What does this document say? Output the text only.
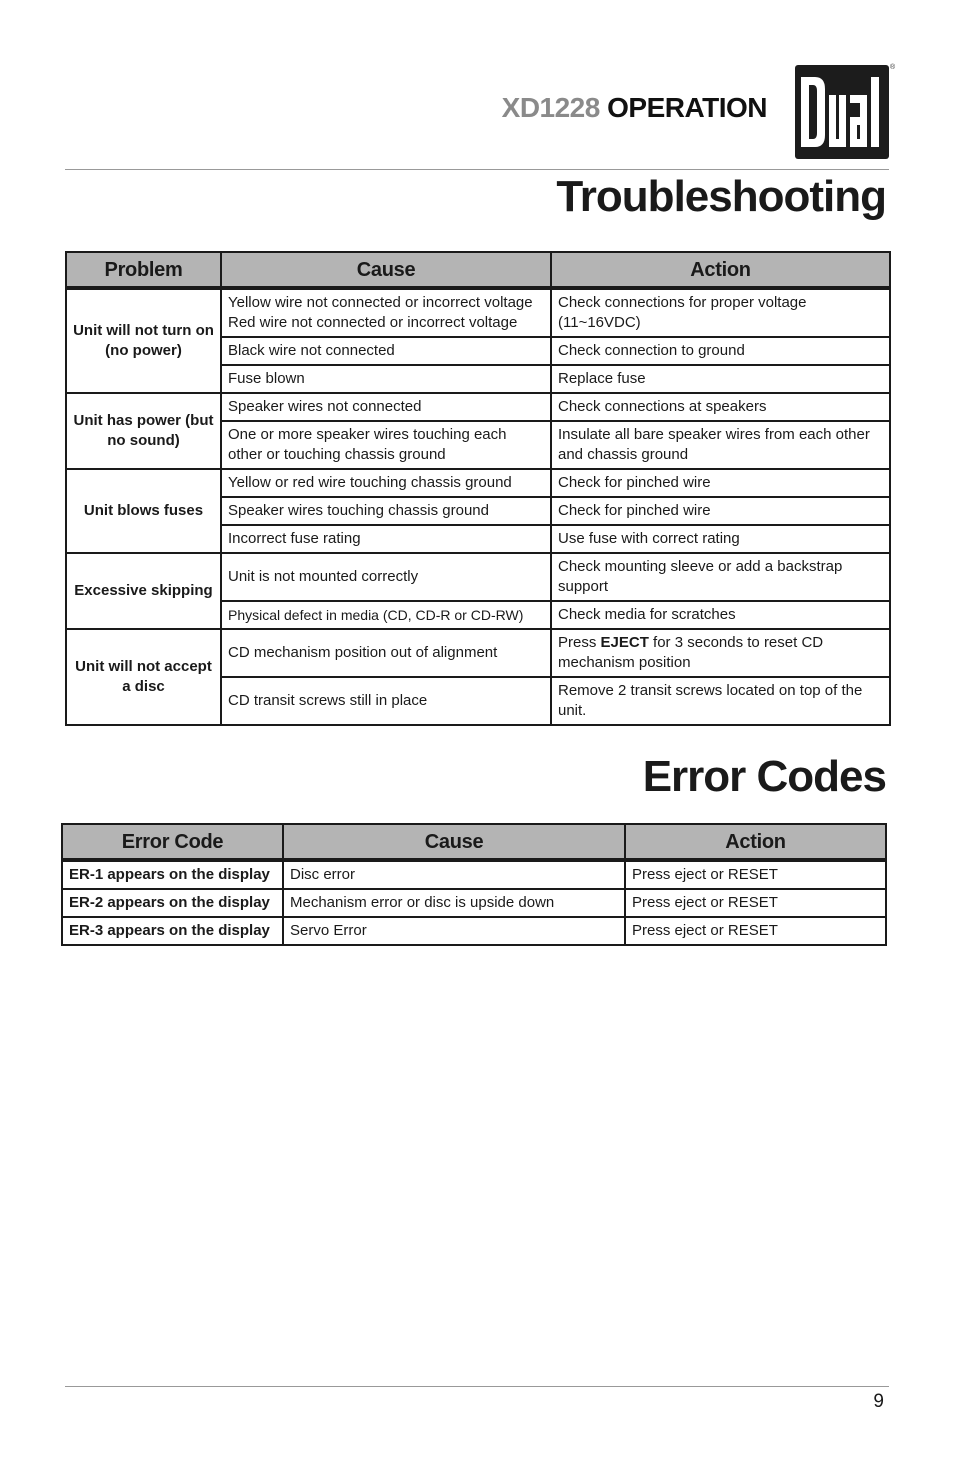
XD1228 OPERATION
®
Troubleshooting
Problem	Cause	Action
Unit will not turn on (no power)	Yellow wire not connected or incorrect voltage Red wire not connected or incorrect voltage	Check connections for proper voltage (11~16VDC)
	Black wire not connected	Check connection to ground
	Fuse blown	Replace fuse
Unit has power (but no sound)	Speaker wires not connected	Check connections at speakers
	One or more speaker wires touching each other or touching chassis ground	Insulate all bare speaker wires from each other and chassis ground
Unit blows fuses	Yellow or red wire touching chassis ground	Check for pinched wire
	Speaker wires touching chassis ground	Check for pinched wire
	Incorrect fuse rating	Use fuse with correct rating
Excessive skipping	Unit is not mounted correctly	Check mounting sleeve or add a backstrap support
	Physical defect in media (CD, CD-R or CD-RW)	Check media for scratches
Unit will not accept a disc	CD mechanism position out of alignment	Press EJECT for 3 seconds to reset CD mechanism position
	CD transit screws still in place	Remove 2 transit screws located on top of the unit.
Error Codes
Error Code	Cause	Action
ER-1 appears on the display	Disc error	Press eject or RESET
ER-2 appears on the display	Mechanism error or disc is upside down	Press eject or RESET
ER-3 appears on the display	Servo Error	Press eject or RESET
9
